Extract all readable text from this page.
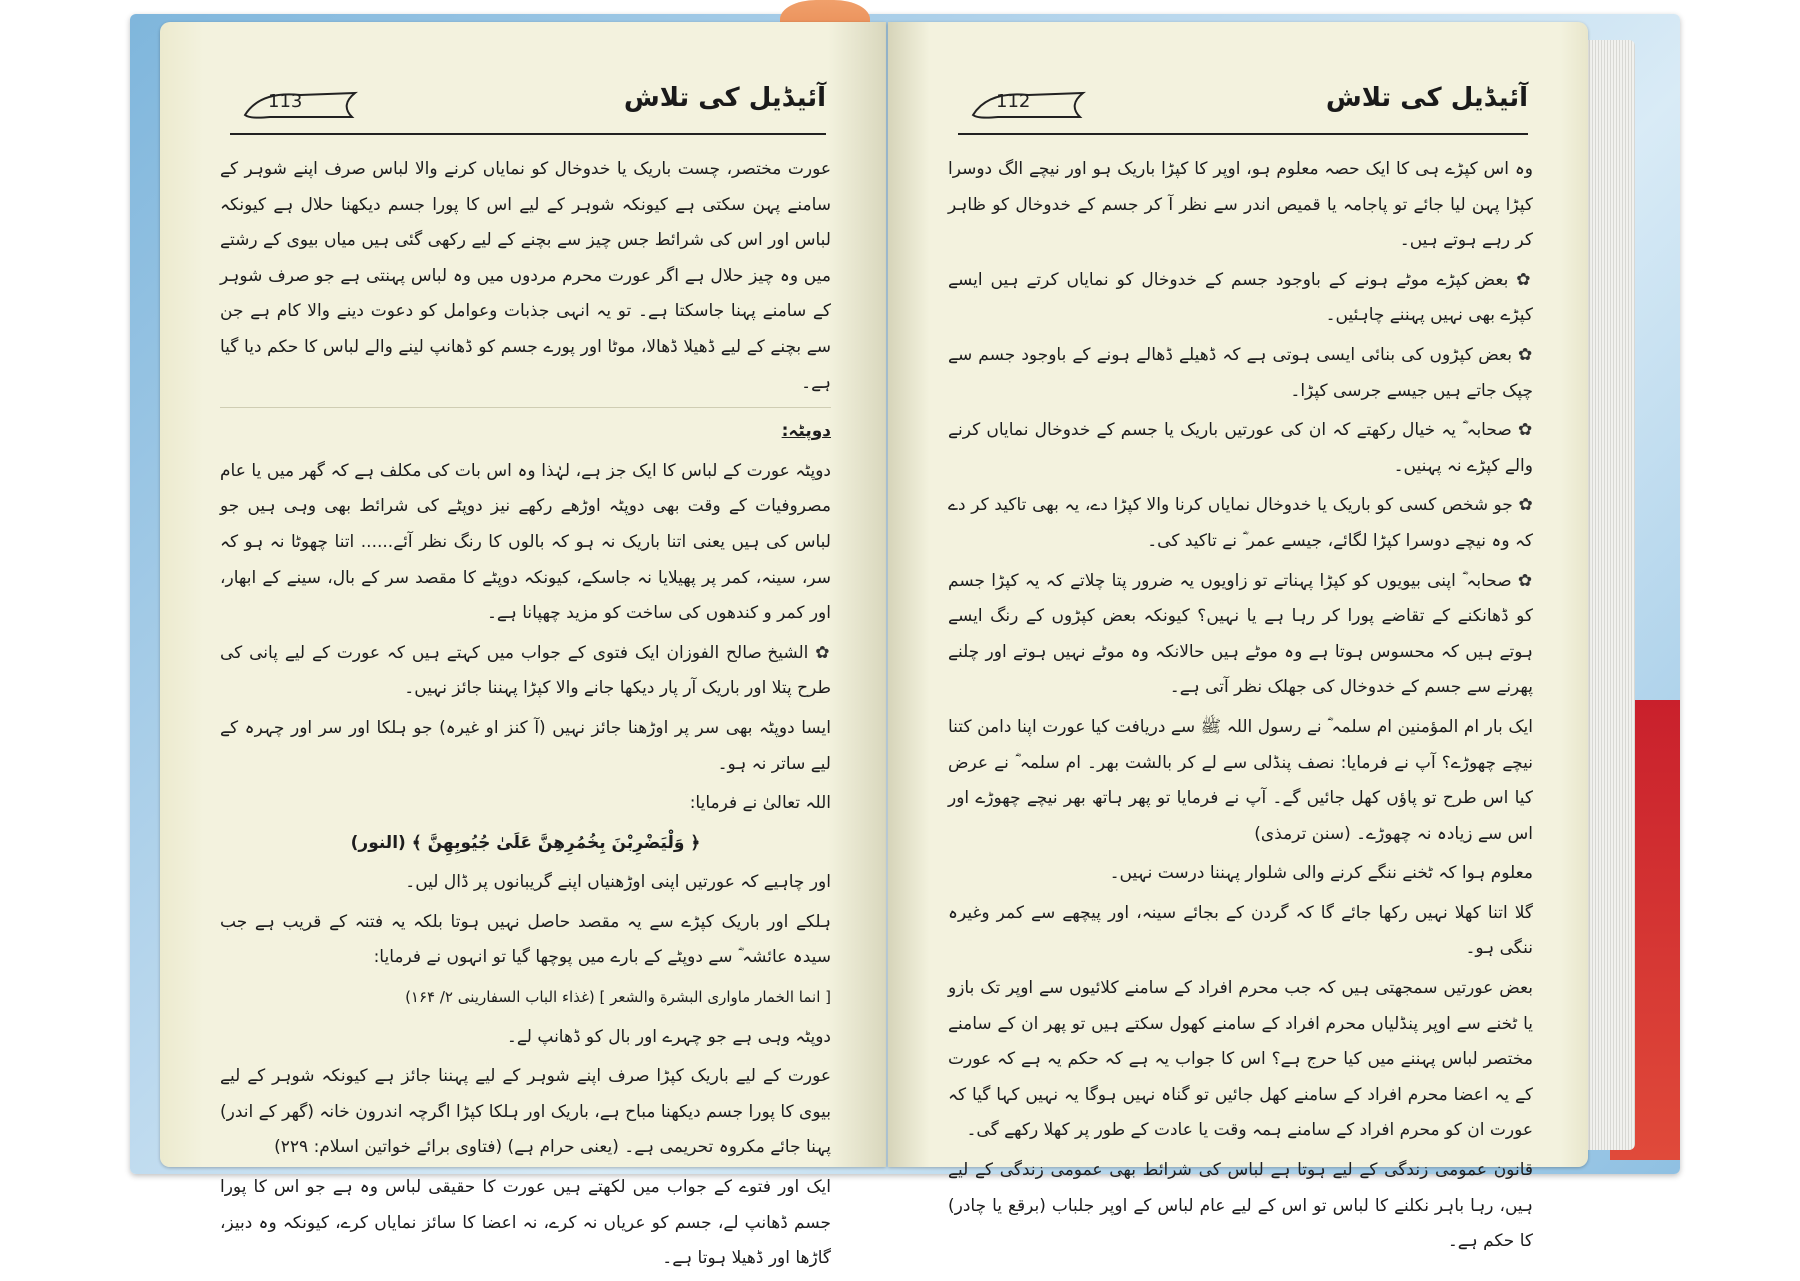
113	آئیڈیل کی تلاش

عورت مختصر، چست باریک یا خدوخال کو نمایاں کرنے والا لباس صرف اپنے شوہر کے سامنے پہن سکتی ہے کیونکہ شوہر کے لیے اس کا پورا جسم دیکھنا حلال ہے کیونکہ لباس اور اس کی شرائط جس چیز سے بچنے کے لیے رکھی گئی ہیں میاں بیوی کے رشتے میں وہ چیز حلال ہے اگر عورت محرم مردوں میں وہ لباس پہنتی ہے جو صرف شوہر کے سامنے پہنا جاسکتا ہے۔ تو یہ انہی جذبات وعوامل کو دعوت دینے والا کام ہے جن سے بچنے کے لیے ڈھیلا ڈھالا، موٹا اور پورے جسم کو ڈھانپ لینے والے لباس کا حکم دیا گیا ہے۔

دوپٹہ:

دوپٹہ عورت کے لباس کا ایک جز ہے، لہٰذا وہ اس بات کی مکلف ہے کہ گھر میں یا عام مصروفیات کے وقت بھی دوپٹہ اوڑھے رکھے نیز دوپٹے کی شرائط بھی وہی ہیں جو لباس کی ہیں یعنی اتنا باریک نہ ہو کہ بالوں کا رنگ نظر آئے...... اتنا چھوٹا نہ ہو کہ سر، سینہ، کمر پر پھیلایا نہ جاسکے، کیونکہ دوپٹے کا مقصد سر کے بال، سینے کے ابھار، اور کمر و کندھوں کی ساخت کو مزید چھپانا ہے۔

✿ الشیخ صالح الفوزان ایک فتوی کے جواب میں کہتے ہیں کہ عورت کے لیے پانی کی طرح پتلا اور باریک آر پار دیکھا جانے والا کپڑا پہننا جائز نہیں۔

ایسا دوپٹہ بھی سر پر اوڑھنا جائز نہیں (آ کنز او غیرہ) جو ہلکا اور سر اور چہرہ کے لیے ساتر نہ ہو۔

اللہ تعالیٰ نے فرمایا:

﴿ وَلْيَضْرِبْنَ بِخُمُرِهِنَّ عَلَىٰ جُيُوبِهِنَّ ﴾ (النور)

اور چاہیے کہ عورتیں اپنی اوڑھنیاں اپنے گریبانوں پر ڈال لیں۔

ہلکے اور باریک کپڑے سے یہ مقصد حاصل نہیں ہوتا بلکہ یہ فتنہ کے قریب ہے جب سیدہ عائشہ ؓ سے دوپٹے کے بارے میں پوچھا گیا تو انہوں نے فرمایا:

[ انما الخمار ماواری البشرة والشعر ] (غذاء الباب السفارینی ۲/ ۱۶۴)

دوپٹہ وہی ہے جو چہرے اور بال کو ڈھانپ لے۔

عورت کے لیے باریک کپڑا صرف اپنے شوہر کے لیے پہننا جائز ہے کیونکہ شوہر کے لیے بیوی کا پورا جسم دیکھنا مباح ہے، باریک اور ہلکا کپڑا اگرچہ اندرون خانہ (گھر کے اندر) پہنا جائے مکروہ تحریمی ہے۔ (یعنی حرام ہے) (فتاوی برائے خواتین اسلام: ۲۲۹)

ایک اور فتوے کے جواب میں لکھتے ہیں عورت کا حقیقی لباس وہ ہے جو اس کا پورا جسم ڈھانپ لے، جسم کو عریاں نہ کرے، نہ اعضا کا سائز نمایاں کرے، کیونکہ وہ دبیز، گاڑھا اور ڈھیلا ہوتا ہے۔

112	آئیڈیل کی تلاش

وہ اس کپڑے ہی کا ایک حصہ معلوم ہو، اوپر کا کپڑا باریک ہو اور نیچے الگ دوسرا کپڑا پہن لیا جائے تو پاجامہ یا قمیص اندر سے نظر آ کر جسم کے خدوخال کو ظاہر کر رہے ہوتے ہیں۔

✿ بعض کپڑے موٹے ہونے کے باوجود جسم کے خدوخال کو نمایاں کرتے ہیں ایسے کپڑے بھی نہیں پہننے چاہئیں۔

✿ بعض کپڑوں کی بنائی ایسی ہوتی ہے کہ ڈھیلے ڈھالے ہونے کے باوجود جسم سے چپک جاتے ہیں جیسے جرسی کپڑا۔

✿ صحابہ ؓ یہ خیال رکھتے کہ ان کی عورتیں باریک یا جسم کے خدوخال نمایاں کرنے والے کپڑے نہ پہنیں۔

✿ جو شخص کسی کو باریک یا خدوخال نمایاں کرنا والا کپڑا دے، یہ بھی تاکید کر دے کہ وہ نیچے دوسرا کپڑا لگائے، جیسے عمر ؓ نے تاکید کی۔

✿ صحابہ ؓ اپنی بیویوں کو کپڑا پہناتے تو زاویوں یہ ضرور پتا چلاتے کہ یہ کپڑا جسم کو ڈھانکنے کے تقاضے پورا کر رہا ہے یا نہیں؟ کیونکہ بعض کپڑوں کے رنگ ایسے ہوتے ہیں کہ محسوس ہوتا ہے وہ موٹے ہیں حالانکہ وہ موٹے نہیں ہوتے اور چلنے پھرنے سے جسم کے خدوخال کی جھلک نظر آتی ہے۔

ایک بار ام المؤمنین ام سلمہ ؓ نے رسول اللہ ﷺ سے دریافت کیا عورت اپنا دامن کتنا نیچے چھوڑے؟ آپ نے فرمایا: نصف پنڈلی سے لے کر بالشت بھر۔ ام سلمہ ؓ نے عرض کیا اس طرح تو پاؤں کھل جائیں گے۔ آپ نے فرمایا تو پھر ہاتھ بھر نیچے چھوڑے اور اس سے زیادہ نہ چھوڑے۔ (سنن ترمذی)

معلوم ہوا کہ ٹخنے ننگے کرنے والی شلوار پہننا درست نہیں۔

گلا اتنا کھلا نہیں رکھا جائے گا کہ گردن کے بجائے سینہ، اور پیچھے سے کمر وغیرہ ننگی ہو۔

بعض عورتیں سمجھتی ہیں کہ جب محرم افراد کے سامنے کلائیوں سے اوپر تک بازو یا ٹخنے سے اوپر پنڈلیاں محرم افراد کے سامنے کھول سکتے ہیں تو پھر ان کے سامنے مختصر لباس پہننے میں کیا حرج ہے؟ اس کا جواب یہ ہے کہ حکم یہ ہے کہ عورت کے یہ اعضا محرم افراد کے سامنے کھل جائیں تو گناہ نہیں ہوگا یہ نہیں کہا گیا کہ عورت ان کو محرم افراد کے سامنے ہمہ وقت یا عادت کے طور پر کھلا رکھے گی۔

قانون عمومی زندگی کے لیے ہوتا ہے لباس کی شرائط بھی عمومی زندگی کے لیے ہیں، رہا باہر نکلنے کا لباس تو اس کے لیے عام لباس کے اوپر جلباب (برقع یا چادر) کا حکم ہے۔
